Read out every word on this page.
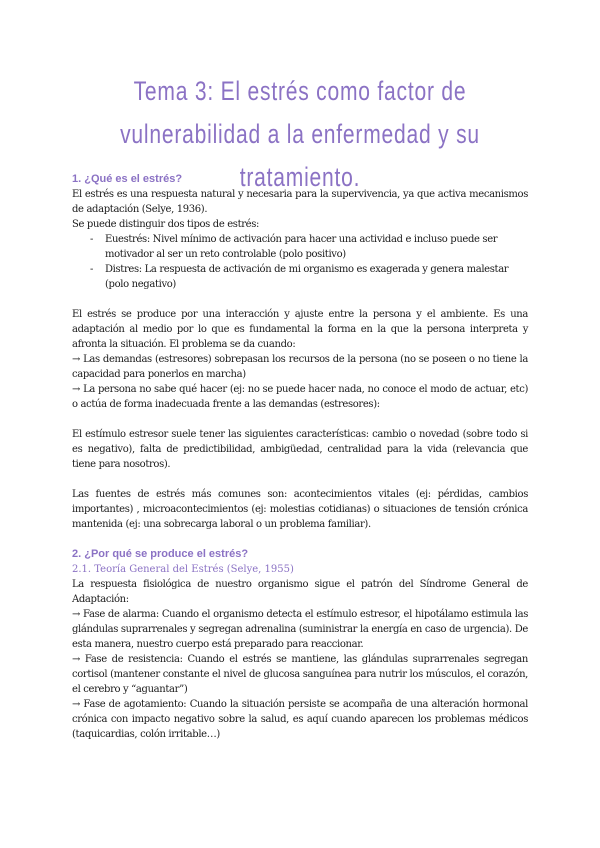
Tema 3: El estrés como factor de vulnerabilidad a la enfermedad y su tratamiento.

1. ¿Qué es el estrés?

El estrés es una respuesta natural y necesaria para la supervivencia, ya que activa mecanismos de adaptación (Selye, 1936).

Se puede distinguir dos tipos de estrés:

- Euestrés: Nivel mínimo de activación para hacer una actividad e incluso puede ser motivador al ser un reto controlable (polo positivo)
- Distres: La respuesta de activación de mi organismo es exagerada y genera malestar (polo negativo)

El estrés se produce por una interacción y ajuste entre la persona y el ambiente. Es una adaptación al medio por lo que es fundamental la forma en la que la persona interpreta y afronta la situación. El problema se da cuando:

→ Las demandas (estresores) sobrepasan los recursos de la persona (no se poseen o no tiene la capacidad para ponerlos en marcha)

→ La persona no sabe qué hacer (ej: no se puede hacer nada, no conoce el modo de actuar, etc) o actúa de forma inadecuada frente a las demandas (estresores):

El estímulo estresor suele tener las siguientes características: cambio o novedad (sobre todo si es negativo), falta de predictibilidad, ambigüedad, centralidad para la vida (relevancia que tiene para nosotros).

Las fuentes de estrés más comunes son: acontecimientos vitales (ej: pérdidas, cambios importantes) , microacontecimientos (ej: molestias cotidianas) o situaciones de tensión crónica mantenida (ej: una sobrecarga laboral o un problema familiar).

2. ¿Por qué se produce el estrés?

2.1. Teoría General del Estrés (Selye, 1955)

La respuesta fisiológica de nuestro organismo sigue el patrón del Síndrome General de Adaptación:

→ Fase de alarma: Cuando el organismo detecta el estímulo estresor, el hipotálamo estimula las glándulas suprarrenales y segregan adrenalina (suministrar la energía en caso de urgencia). De esta manera, nuestro cuerpo está preparado para reaccionar.

→ Fase de resistencia: Cuando el estrés se mantiene, las glándulas suprarrenales segregan cortisol (mantener constante el nivel de glucosa sanguínea para nutrir los músculos, el corazón, el cerebro y “aguantar”)

→ Fase de agotamiento: Cuando la situación persiste se acompaña de una alteración hormonal crónica con impacto negativo sobre la salud, es aquí cuando aparecen los problemas médicos (taquicardias, colón irritable…)
